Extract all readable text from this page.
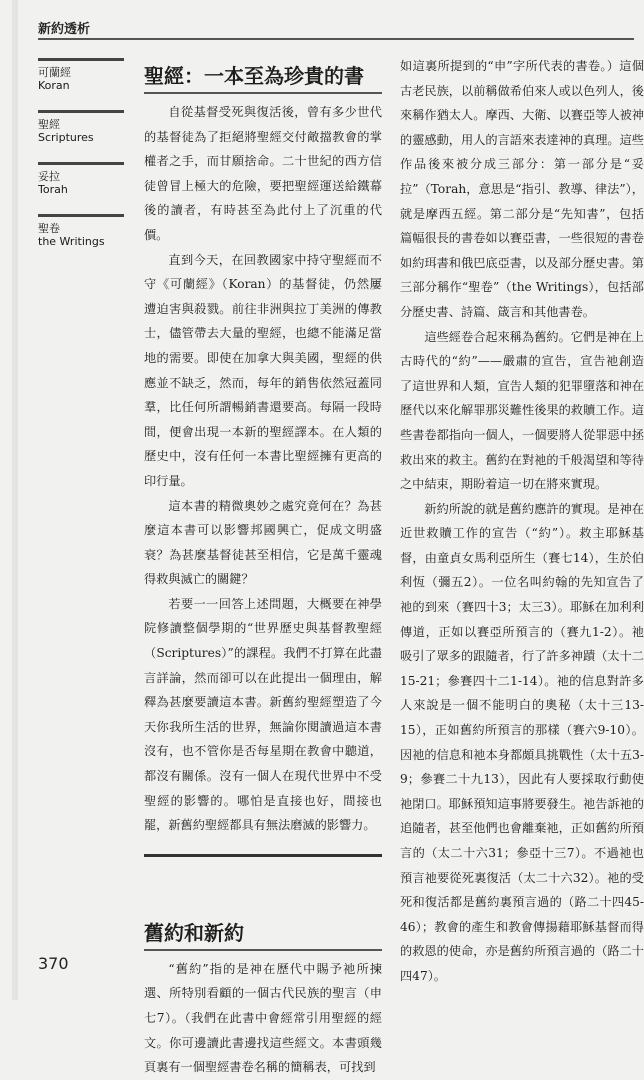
新約透析
可蘭經
Koran
聖經
Scriptures
妥拉
Torah
聖卷
the Writings
聖經：一本至為珍貴的書

自從基督受死與復活後，曾有多少世代的基督徒為了拒絕將聖經交付敵擋教會的掌權者之手，而甘願捨命。二十世紀的西方信徒曾冒上極大的危險，要把聖經運送給鐵幕後的讀者，有時甚至為此付上了沉重的代價。

直到今天，在回教國家中持守聖經而不守《可蘭經》（Koran）的基督徒，仍然屢遭迫害與殺戮。前往非洲與拉丁美洲的傳教士，儘管帶去大量的聖經，也總不能滿足當地的需要。即使在加拿大與美國，聖經的供應並不缺乏，然而，每年的銷售依然冠蓋同羣，比任何所謂暢銷書還要高。每隔一段時間，便會出現一本新的聖經譯本。在人類的歷史中，沒有任何一本書比聖經擁有更高的印行量。

這本書的精微奧妙之處究竟何在？為甚麼這本書可以影響邦國興亡，促成文明盛衰？為甚麼基督徒甚至相信，它是萬千靈魂得救與滅亡的關鍵？

若要一一回答上述問題，大概要在神學院修讀整個學期的“世界歷史與基督教聖經（Scriptures）”的課程。我們不打算在此盡言詳論，然而卻可以在此提出一個理由，解釋為甚麼要讀這本書。新舊約聖經塑造了今天你我所生活的世界，無論你閱讀過這本書沒有，也不管你是否每星期在教會中聽道，都沒有關係。沒有一個人在現代世界中不受聖經的影響的。哪怕是直接也好，間接也罷，新舊約聖經都具有無法磨滅的影響力。

舊約和新約

“舊約”指的是神在歷代中賜予祂所揀選、所特別看顧的一個古代民族的聖言（申七7）。（我們在此書中會經常引用聖經的經文。你可邊讀此書邊找這些經文。本書頭幾頁裏有一個聖經書卷名稱的簡稱表，可找到

如這裏所提到的“申”字所代表的書卷。）這個古老民族，以前稱做希伯來人或以色列人，後來稱作猶太人。摩西、大衛、以賽亞等人被神的靈感動，用人的言語來表達神的真理。這些作品後來被分成三部分：第一部分是“妥拉”（Torah，意思是“指引、教導、律法”），就是摩西五經。第二部分是“先知書”，包括篇幅很長的書卷如以賽亞書，一些很短的書卷如約珥書和俄巴底亞書，以及部分歷史書。第三部分稱作“聖卷”（the Writings），包括部分歷史書、詩篇、箴言和其他書卷。

這些經卷合起來稱為舊約。它們是神在上古時代的“約”——嚴肅的宣告，宣告祂創造了這世界和人類，宣告人類的犯罪墮落和神在歷代以來化解罪那災難性後果的救贖工作。這些書卷都指向一個人，一個要將人從罪惡中拯救出來的救主。舊約在對祂的千般渴望和等待之中結束，期盼着這一切在將來實現。

新約所說的就是舊約應許的實現。是神在近世救贖工作的宣告（“約”）。救主耶穌基督，由童貞女馬利亞所生（賽七14），生於伯利恆（彌五2）。一位名叫約翰的先知宣告了祂的到來（賽四十3；太三3）。耶穌在加利利傳道，正如以賽亞所預言的（賽九1-2）。祂吸引了眾多的跟隨者，行了許多神蹟（太十二15-21；參賽四十二1-14）。祂的信息對許多人來說是一個不能明白的奧秘（太十三13-15），正如舊約所預言的那樣（賽六9-10）。因祂的信息和祂本身都頗具挑戰性（太十五3-9；參賽二十九13），因此有人要採取行動使祂閉口。耶穌預知這事將要發生。祂告訴祂的追隨者，甚至他們也會離棄祂，正如舊約所預言的（太二十六31；參亞十三7）。不過祂也預言祂要從死裏復活（太二十六32）。祂的受死和復活都是舊約裏預言過的（路二十四45-46）；教會的產生和教會傳揚藉耶穌基督而得的救恩的使命，亦是舊約所預言過的（路二十四47）。

370
